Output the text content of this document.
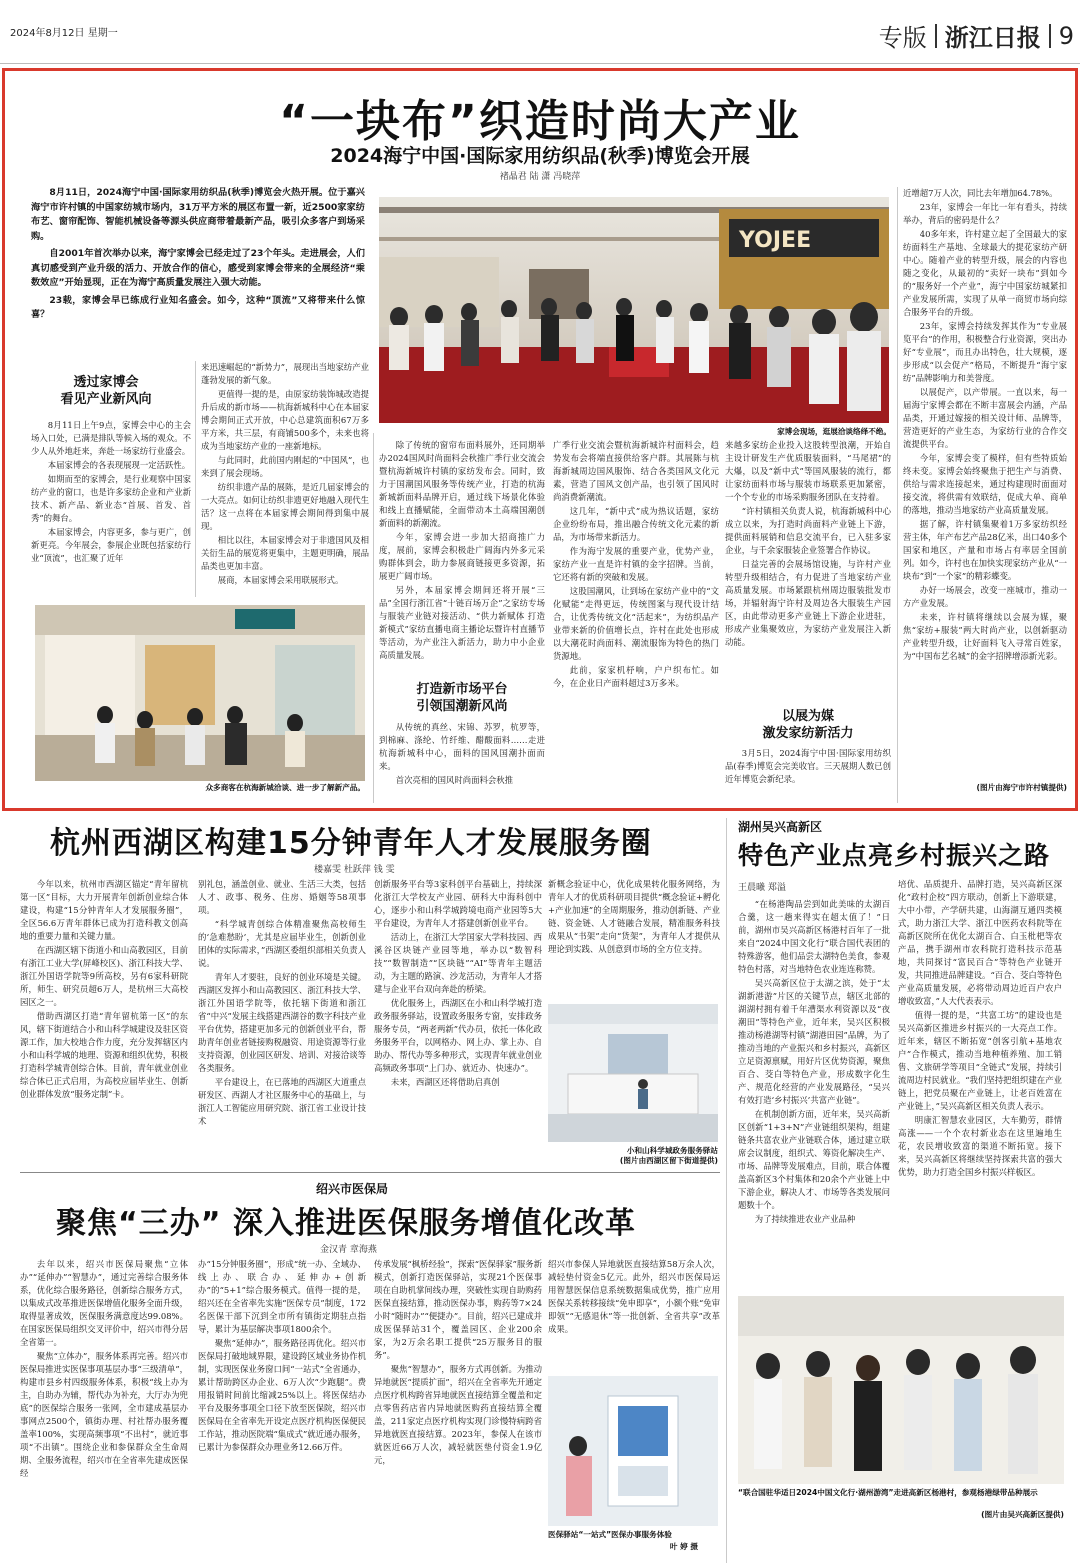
2024年8月12日 星期一	专版 浙江日报 9
“一块布”织造时尚大产业
2024海宁中国·国际家用纺织品(秋季)博览会开展
褚晶君 陆 潇 冯晓萍

8月11日，2024海宁中国·国际家用纺织品(秋季)博览会火热开展。位于嘉兴海宁市许村镇的中国家纺城市场内，31万平方米的展区布置一新，近2500家家纺布艺、窗帘配饰、智能机械设备等源头供应商带着最新产品，吸引众多客户到场采购。

自2001年首次举办以来，海宁家博会已经走过了23个年头。走进展会，人们真切感受到产业升级的活力、开放合作的信心，感受到家博会带来的全展经济“乘数效应”开始显现，正在为海宁高质量发展注入强大动能。

23载，家博会早已练成行业知名盛会。如今，这种“顶流”又将带来什么惊喜？

YOJEE
家博会现场，逛展洽谈络绎不绝。
透过家博会
看见产业新风向

8月11日上午9点，家博会中心的主会场入口处，已满是排队等候入场的观众。不少人从外地赶来，奔赴一场家纺行业盛会。

本届家博会的各表现展现一定活跃性。

如期而至的家博会，是行业观察中国家纺产业的窗口，也是许多家纺企业和产业新技术、新产品、新业态“首展、首发、首秀”的舞台。

本届家博会，内容更多，参与更广，创新更亮。今年展会，参展企业既包括家纺行业“顶流”，也汇聚了近年

来迅速崛起的“新势力”，展现出当地家纺产业蓬勃发展的新气象。

更值得一提的是，由原家纺装饰城改造提升后成的新市场——杭海新城科中心在本届家博会期间正式开放，中心总建筑面积67万多平方米，共三层，有商铺500多个，未来也将成为当地家纺产业的一座新地标。

与此同时，此前国内刚起的“中国风”，也来到了展会现场。

纺织非遗产品的展陈，是近几届家博会的一大亮点。如何让纺织非遗更好地融入现代生活？这一点将在本届家博会期间得到集中展现。

相比以往，本届家博会对于非遗国风及相关衍生品的展览将更集中，主题更明确，展品品类也更加丰富。

展商，本届家博会采用联展形式。

众多商客在杭海新城洽谈、进一步了解新产品。

除了传统的窗帘布面料展外，还同期举办2024国风时尚面料会秋推广季行业交流会暨杭海新城许村镇的家纺发布会。同时，致力于国潮国风服务等传统产业，打造的杭海新城新面料品牌开启，通过线下场景化体验和线上直播赋能，全面带动本土高端国潮创新面料的新潮流。

今年，家博会进一步加大招商推广力度，展前，家博会积极赴广阔海内外多元采购群体到会，助力参展商链接更多资源，拓展更广阔市场。

另外，本届家博会期间还将开展“三品”全国行浙江省“十链百场万企”之家纺专场与服装产业链对接活动、“供力新赋体 打造新模式”家纺直播电商主播论坛暨许村直播节等活动，为产业注入新活力，助力中小企业高质量发展。

打造新市场平台
引领国潮新风尚

从传统的真丝、宋锦、苏罗，杭罗等，到棉麻、涤纶、竹纤维、醋酸面料……走进杭海新城科中心，面料的国风国潮扑面而来。

首次亮相的国风时尚面料会秋推

广季行业交流会暨杭海新城许村面料会，趋势发布会将端直接供给客户群。其展陈与杭海新城周边国风服饰、结合各类国风文化元素，营造了国风文创产品，也引领了国风时尚消费新潮流。

这几年，“新中式”成为热议话题，家纺企业纷纷布局，推出融合传统文化元素的新品，为市场带来新活力。

作为海宁发展的重要产业，优势产业，家纺产业一直是许村镇的金字招牌。当前，它还将有新的突破和发展。

这股国潮风，让到场在家纺产业中的“文化赋能”走得更远，传统图案与现代设计结合，让优秀传统文化“活起来”，为纺织品产业带来新的价值增长点，许村在此处也形成以大潮花时尚面料、潮流服饰为特色的热门货源地。

此前，家家机杼响，户户织布忙。如今，在企业日产面料超过3万多米。

来越多家纺企业投入这股转型浪潮，开始自主设计研发生产优质服装面料，“马尾裙”的大爆，以及“新中式”等国风服装的流行，都让家纺面料市场与服装市场联系更加紧密，一个个专业的市场采购服务团队在支持着。

“许村镇相关负责人说，杭海新城科中心成立以来，为打造时尚面料产业链上下游，提供面料展销和信息交流平台，已入驻多家企业，与千余家服装企业签署合作协议。

日益完善的会展场馆设施，与许村产业转型升级相结合，有力促进了当地家纺产业高质量发展。市场紧跟杭州周边服装批发市场，并辐射海宁许村及周边各大服装生产园区，由此带动更多产业链上下游企业进驻，形成产业集聚效应，为家纺产业发展注入新动能。

以展为媒
激发家纺新活力

3月5日，2024海宁中国·国际家用纺织品(春季)博览会完美收官。三天展期人数已创近年博览会新纪录。

近增超7万人次，同比去年增加64.78%。

23年，家博会一年比一年有看头，持续举办，背后的密码是什么？

40多年来，许村建立起了全国最大的家纺面料生产基地、全球最大的提花家纺产研中心。随着产业的转型升级，展会的内容也随之变化，从最初的“卖好一块布”到如今的“服务好一个产业”，海宁中国家纺城紧扣产业发展所需，实现了从单一商贸市场向综合服务平台的升级。

23年，家博会持续发挥其作为“专业展览平台”的作用，积极整合行业资源，突出办好“专业展”，而且办出特色，壮大规模，逐步形成“以会促产”格局，不断提升“海宁家纺”品牌影响力和美誉度。

以展促产，以产带展。一直以来，每一届海宁家博会都在不断丰富展会内涵，产品品类，开通过嫁接的相关设计师、品牌等，营造更好的产业生态，为家纺行业的合作交流提供平台。

今年，家博会变了模样，但有些特质始终未变。家博会始终聚焦于把生产与消费、供给与需求连接起来，通过构建现时面面对接交流，将供需有效联结，促成大单、商单的落地，推动当地家纺产业高质量发展。

据了解，许村镇集聚着1万多家纺织经营主体，年产布艺产品28亿米，出口40多个国家和地区，产量和市场占有率居全国前列。如今，许村也在加快实现家纺产业从“一块布”到“一个家”的精彩蝶变。

办好一场展会，改变一座城市，推动一方产业发展。

未来，许村镇将继续以会展为媒，聚焦“家纺+服装”两大时尚产业，以创新驱动产业转型升级，让好面料飞入寻常百姓家，为“中国布艺名城”的金字招牌增添新光彩。

(图片由海宁市许村镇提供)
杭州西湖区构建15分钟青年人才发展服务圈
楼嘉雯 杜跃萍 钱 雯

今年以来，杭州市西湖区锚定“青年留杭第一区”目标，大力开展青年创新创业综合体建设，构建“15分钟青年人才发展服务圈”，全区56.6万青年群体已成为打造科教文创高地的重要力量和关键力量。

在西湖区辖下街道小和山高教园区，目前有浙江工业大学(屏峰校区)、浙江科技大学、浙江外国语学院等9所高校，另有6家科研院所，师生、研究员超6万人，是杭州三大高校园区之一。

借助西湖区打造“青年留杭第一区”的东风，辖下街道结合小和山科学城建设及驻区资源工作，加大校地合作力度，充分发挥辖区内小和山科学城的地理、资源和组织优势，积极打造科学城青创综合体。目前，青年就业创业综合体已正式启用，为高校应届毕业生、创新创业群体发放“服务定制”卡。

别礼包，涵盖创业、就业、生活三大类，包括人才、政事、税务、住房、婚姻等58项事项。

“科学城青创综合体精准聚焦高校师生的‘急难愁盼’，尤其是应届毕业生，创新创业团体的实际需求，”西湖区委组织部相关负责人说。

青年人才要驻，良好的创业环境是关键。西湖区发挥小和山高教园区、浙江科技大学、浙江外国语学院等，依托辖下街道和浙江省“中兴”发展主线搭建西湖谷的数字科技产业平台优势，搭建更加多元的创新创业平台，帮助青年创业者链接购税融资、用途资源等行业支持资源，创业园区研发、培训、对接洽谈等各类服务。

平台建设上，在已落地的西湖区大道重点研发区、西湖人才社区服务中心的基础上，与浙江人工智能应用研究院、浙江省工业设计技术

创新服务平台等3家科创平台基础上，持续深化浙江大学校友产业园、研科大中海科创中心，逐步小和山科学城跨境电商产业园等5大平台建设，为青年人才搭建创新创业平台。

活动上，在浙江大学国家大学科技园、西溪谷区块链产业园等地，举办以“数智科技”“数智制造”“区块链”“AI”等青年主题活动，为主题的路演、沙龙活动，为青年人才搭建与企业平台双向奔赴的桥梁。

优化服务上，西湖区在小和山科学城打造政务服务驿站，设置政务服务专窗，安排政务服务专员，“两老两新”代办员，依托一体化政务服务平台，以网格办、网上办、掌上办、自助办、帮代办等多种形式，实现青年就业创业高频政务事项“上门办、就近办、快速办”。

未来，西湖区还将借助启真创

新概念验证中心，优化成果转化服务网络，为青年人才的优质科研项目提供“概念验证+孵化+产业加速”的全周期服务，推动创新链、产业链、资金链、人才链融合发展，精准服务科技成果从“书架”走向“货架”，为青年人才提供从理论到实践、从创意到市场的全方位支持。

小和山科学城政务服务驿站
(图片由西湖区留下街道提供)
湖州吴兴高新区
特色产业点亮乡村振兴之路
王晨曦 郑溢

“在杨港陶品尝到如此美味的太湖百合羹，这一趟来得实在超太值了！”日前，湖州市吴兴高新区杨港村百年了一批来自“2024中国文化行”联合国代表团的特殊游客，他们品尝太湖特色美食，参观特色村落，对当地特色农业连连称赞。

吴兴高新区位于太湖之滨，处于“太湖新港游”片区的关键节点，辖区北部的湖湖村拥有着千年漕渠水利资源以及“夜潮田”等特色产业，近年来，吴兴区积极推动杨港湖等村镇“湖港田园”品牌，为了推动当地的产业振兴和乡村振兴，高新区立足资源禀赋，用好片区优势资源，聚焦百合、茭白等特色产业，形成数字化生产、规范化经营的产业发展路径，“吴兴有效打造‘乡村振兴’共富产业链”。

在机制创新方面，近年来，吴兴高新区创新“1+3+N”产业链组织架构，组建链条共富农业产业链联合体，通过建立联席会议制度，组织式、筹资化解决生产、市场、品牌等发展难点，目前，联合体覆盖高新区3个村集体和20余个产业链上中下游企业，解决人才、市场等各类发展问题数十个。

为了持续推进农业产业品种

培优、品质提升、品牌打造，吴兴高新区深化“政村企校”四方联动，创新上下游联建，大中小带，产学研共建，山海湖互通四类模式，助力浙江大学、浙江中医药农科院等在高新区院所在优化太湖百合、白玉枇杷等农产品，携手湖州市农科院打造科技示范基地，共同探讨“富民百合”等特色产业链开发，共同推进品牌建设。“百合、茭白等特色产业高质量发展，必将带动周边近百户农户增收致富，”人大代表表示。

值得一提的是，“共富工坊”的建设也是吴兴高新区推进乡村振兴的一大亮点工作。近年来，辖区不断拓宽“创客引航+基地农户”合作模式，推动当地种植养殖、加工销售、文旅研学等项目“全链式”发展，持续引流周边村民就业。“我们坚持把组织建在产业链上，把党员聚在产业链上，让老百姓富在产业链上，”吴兴高新区相关负责人表示。

明康汇智慧农业园区，大车勤劳，群情高涨——一个个农村新业态在这里遍地生花，农民增收致富的渠道不断拓宽。接下来，吴兴高新区将继续坚持探索共富的强大优势，助力打造全国乡村振兴样板区。

“联合国驻华适日2024中国文化行·湖州游湾”走进高新区杨港村，参观杨港绿带品种展示
(图片由吴兴高新区提供)
绍兴市医保局
聚焦“三办” 深入推进医保服务增值化改革
金汉青 章海燕

去年以来，绍兴市医保局聚焦“立体办”“延伸办”“智慧办”，通过完善综合服务体系，优化综合服务路径，创新综合服务方式，以集成式改革推进医保增值化服务全面升级，取得显著成效，医保服务满意度达99.08%。在国家医保局组织交叉评价中，绍兴市得分居全省第一。

聚焦“立体办”，服务体系再完善。绍兴市医保局推进实医保事项基层办事“三级清单”，构建市县乡村四级服务体系，积极“线上办为主，自助办为辅，帮代办为补充，大厅办为兜底”的医保综合服务一张网，全市建成基层办事网点2500个，镇街办理、村社帮办服务覆盖率100%，实现高频事项“不出村”，就近事项“不出镇”。围绕企业和参保群众全生命周期、全服务流程，绍兴市在全省率先建成医保经

办“15分钟服务圈”，形成“统一办、全域办、线上办、联合办、延伸办+创新办”的“5+1”综合服务模式。值得一提的是，绍兴还在全省率先实施“医保专员”制度，172名医保干部下沉到全市所有镇街定期驻点指导，累计为基层解决事项1800余个。

聚焦“延伸办”，服务路径再优化。绍兴市医保局打破地域界限，建设跨区域业务协作机制，实现医保业务窗口间“一站式”全省通办，累计帮助跨区办企业、6万人次“少跑腿”。费用报销时间前比缩减25%以上。将医保结办平台及服务事项全口径下放至医保院，绍兴市医保局在全省率先开设定点医疗机构医保便民工作站，推动医院端“集成式”就近通办服务，已累计为参保群众办理业务12.66万件。

传承发展“枫桥经验”，探索“医保驿家”服务新模式，创新打造医保驿站，实现21个医保事项在自助机掌间线办理，突破性实现自助购药医保直接结算，推动医保办事，购药等7×24小时“随时办”“便捷办”。目前，绍兴已建成并成医保驿站31个，覆盖园区、企业200余家，为2万余名职工提供“25万服务目的服务”。

聚焦“智慧办”，服务方式再创新。为推动异地就医“提质扩面”，绍兴在全省率先开通定点医疗机构跨省异地就医直接结算全覆盖和定点零售药店省内异地就医购药直接结算全覆盖，211家定点医疗机构实现门诊慢特病跨省异地就医直接结算。2023年，参保人在该市就医近66万人次，减轻就医垫付资金1.9亿元，

绍兴市参保人异地就医直接结算58万余人次，减轻垫付资金5亿元。此外，绍兴市医保局运用智慧医保信息系统数据集成优势，推广应用医保关系转移接续“免申即享”，小额个账“免审即领”“无感退休”等一批创新、全省共享”改革成果。

医保驿站“一站式”医保办事服务体验
叶 婷 摄
